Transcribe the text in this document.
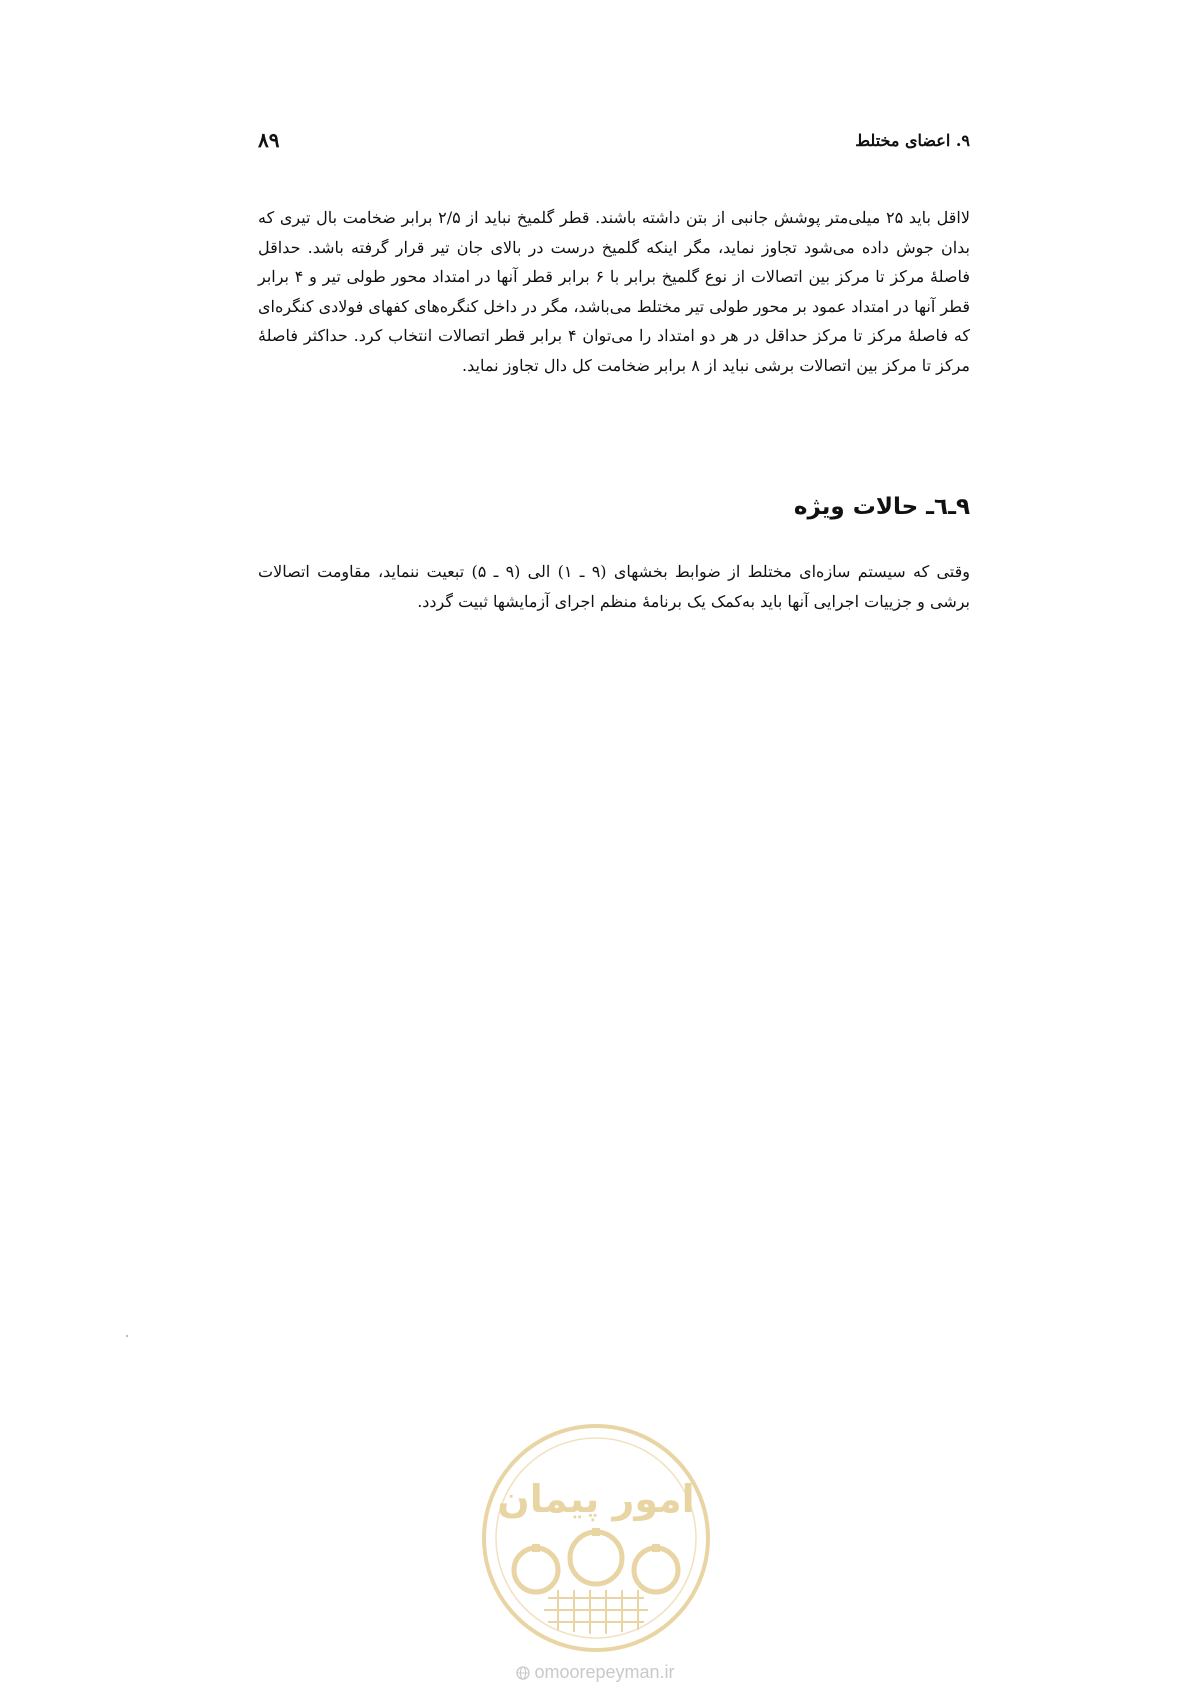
۸۹	۹. اعضای مختلط

لااقل باید ۲۵ میلی‌متر پوشش جانبی از بتن داشته باشند. قطر گلمیخ نباید از ۲/۵ برابر ضخامت بال تیری که بدان جوش داده می‌شود تجاوز نماید، مگر اینکه گلمیخ درست در بالای جان تیر قرار گرفته باشد. حداقل فاصلهٔ مرکز تا مرکز بین اتصالات از نوع گلمیخ برابر با ۶ برابر قطر آنها در امتداد محور طولی تیر و ۴ برابر قطر آنها در امتداد عمود بر محور طولی تیر مختلط می‌باشد، مگر در داخل کنگره‌های کفهای فولادی کنگره‌ای که فاصلهٔ مرکز تا مرکز حداقل در هر دو امتداد را می‌توان ۴ برابر قطر اتصالات انتخاب کرد. حداکثر فاصلهٔ مرکز تا مرکز بین اتصالات برشی نباید از ۸ برابر ضخامت کل دال تجاوز نماید.

۹ـ٦ـ حالات ویژه

وقتی که سیستم سازه‌ای مختلط از ضوابط بخشهای (۹ ـ ۱) الی (۹ ـ ۵) تبعیت ننماید، مقاومت اتصالات برشی و جزییات اجرایی آنها باید به‌کمک یک برنامهٔ منظم اجرای آزمایشها ثبیت گردد.

امور پیمان
omoorepeyman.ir
